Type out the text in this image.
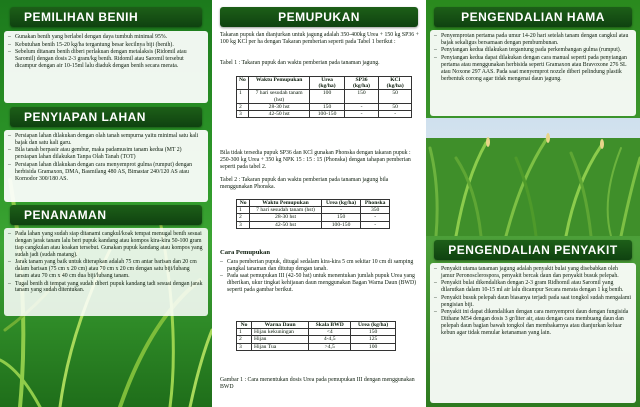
PEMILIHAN BENIH
– Gunakan benih yang berlabel dengan daya tumbuh minimal 95%.
– Kebutuhan benih 15-20 kg/ha tergantung besar kecilnya biji (benih).
– Sebelum ditanam benih diberi perlakuan dengan metalaksis (Ridomil atau Saromil) dengan dosis 2-3 gram/kg benih. Ridomil atau Saromil tersebut dicampur dengan air 10-15ml lalu diaduk dengan benih secara merata.
PENYIAPAN LAHAN
– Persiapan lahan dilakukan dengan olah tanah sempurna yaitu minimal satu kali bajak dan satu kali garu.
– Bila tanah berpasir atau gembur, maka padamusim tanam kedua (MT 2) persiapan lahan dilakukan Tanpa Olah Tanah (TOT)
– Persiapan lahan dilakukan dengan cara menyemprot gulma (rumput) dengan herbisida Gramaxon, DMA, Basmilang 480 AS, Bimastar 240/120 AS atau Kornodor 300/180 AS.
PENANAMAN
– Pada lahan yang sudah siap ditanami cangkul/koak tempat menugal benih sesuai dengan jarak tanam lalu beri pupuk kandang atau kompos kira-kira 50-100 gram tiap cangkulan atau koakan tersebut. Gunakan pupuk kandang atau kompos yang sudah jadi (sudah matang).
– Jarak tanam yang baik untuk diterapkan adalah 75 cm antar barisan dan 20 cm dalam barisan (75 cm x 20 cm) atau 70 cm x 20 cm dengan satu biji/lubang tanam atau 70 cm x 40 cm dua biji/lubang tanam.
– Tugal benih di tempat yang sudah diberi pupuk kandang tadi sesuai dengan jarak tanam yang sudah ditentukan.
PEMUPUKAN
Takaran pupuk dan dianjurkan untuk jagung adalah 350-400kg Urea + 150 kg SP36 + 100 kg KCl per ha dengan Takaran pemberian seperti pada Tabel 1 berikut :
Tabel 1 : Takaran pupuk dan waktu pemberian pada tanaman jagung.
No	Waktu Pemupukan	Urea (kg/ha)	SP36 (kg/ha)	KCl (kg/ha)
1	7 hari sesudah tanam (hst)	100	150	50
2	28-30 hst	150	-	50
3	42-50 hst	100-150	-	-
Bila tidak tersedia pupuk SP36 dan KCl gunakan Phonska dengan takaran pupuk : 250-300 kg Urea + 350 kg NPK 15 : 15 : 15 (Phonska) dengan tahapan pemberian seperti pada tabel 2.
Tabel 2 : Takaran pupuk dan waktu pemberian pada tanaman jagung bila menggunakan Phonska.
No	Waktu Pemupukan	Urea (kg/ha)	Phonska
1	7 hari sesudah tanam (hst)	-	350
2	28-30 hst	150	-
3	42-50 hst	100-150	-
Cara Pemupukan
– Cara pemberian pupuk, ditugal sedalam kira-kira 5 cm sekitar 10 cm di samping pangkal tanaman dan ditutup dengan tanah.
– Pada saat pemupukan III (42-50 hst) untuk menentukan jumlah pupuk Urea yang diberikan, ukur tingkat kehijauan daun menggunakan Bagan Warna Daun (BWD) seperti pada gambar berikut.
No	Warna Daun	Skala BWD	Urea (kg/ha)
1	Hijau kekuningan	<4	150
2	Hijau	4-4,5	125
3	Hijau Tua	>4,5	100
Gambar 1 : Cara menentukan dosis Urea pada pemupukan III dengan menggunakan BWD
PENGENDALIAN HAMA
– Penyemprotan pertama pada umur 14-20 hari setelah tanam dengan cangkul atau bajak sekaligus bersamaan dengan pembumbunan.
– Penyiangan kedua dilakukan tergantung pada perkembangan gulma (rumput).
– Penyiangan kedua dapat dilakukan dengan cara manual seperti pada penyiangan pertama atau menggunakan herbisida seperti Gramaxon atau Bravoxone 276 SL atau Noxone 297 AAS. Pada saat menyemprot nozzle diberi pelindung plastik berbentuk corong agar tidak mengenai daun jagung.
PENGENDALIAN PENYAKIT
– Penyakit utama tanaman jagung adalah penyakit bulai yang disebabkan oleh jamur Peronosclerospora, penyakit bercak daun dan penyakit busuk pelepah.
– Penyakit bulai dikendalikan dengan 2-3 gram Ridhomil atau Saromil yang dilarutkan dalam 10-15 ml air lalu dicampur Secara merata dengan 1 kg benih.
– Penyakit busuk pelepah daun biasanya terjadi pada saat tongkol sudah mengalami pengisian biji.
– Penyakit ini dapat dikendalikan dengan cara menyemprot daun dengan fungisida Dithane M54 dengan dosis 3 gr/liter air, atau dengan cara membuang daun dan pelepah daun bagian bawah tongkol dan membakarnya atau dianjurkan keluar kebun agar tidak menular ketanaman yang lain.
